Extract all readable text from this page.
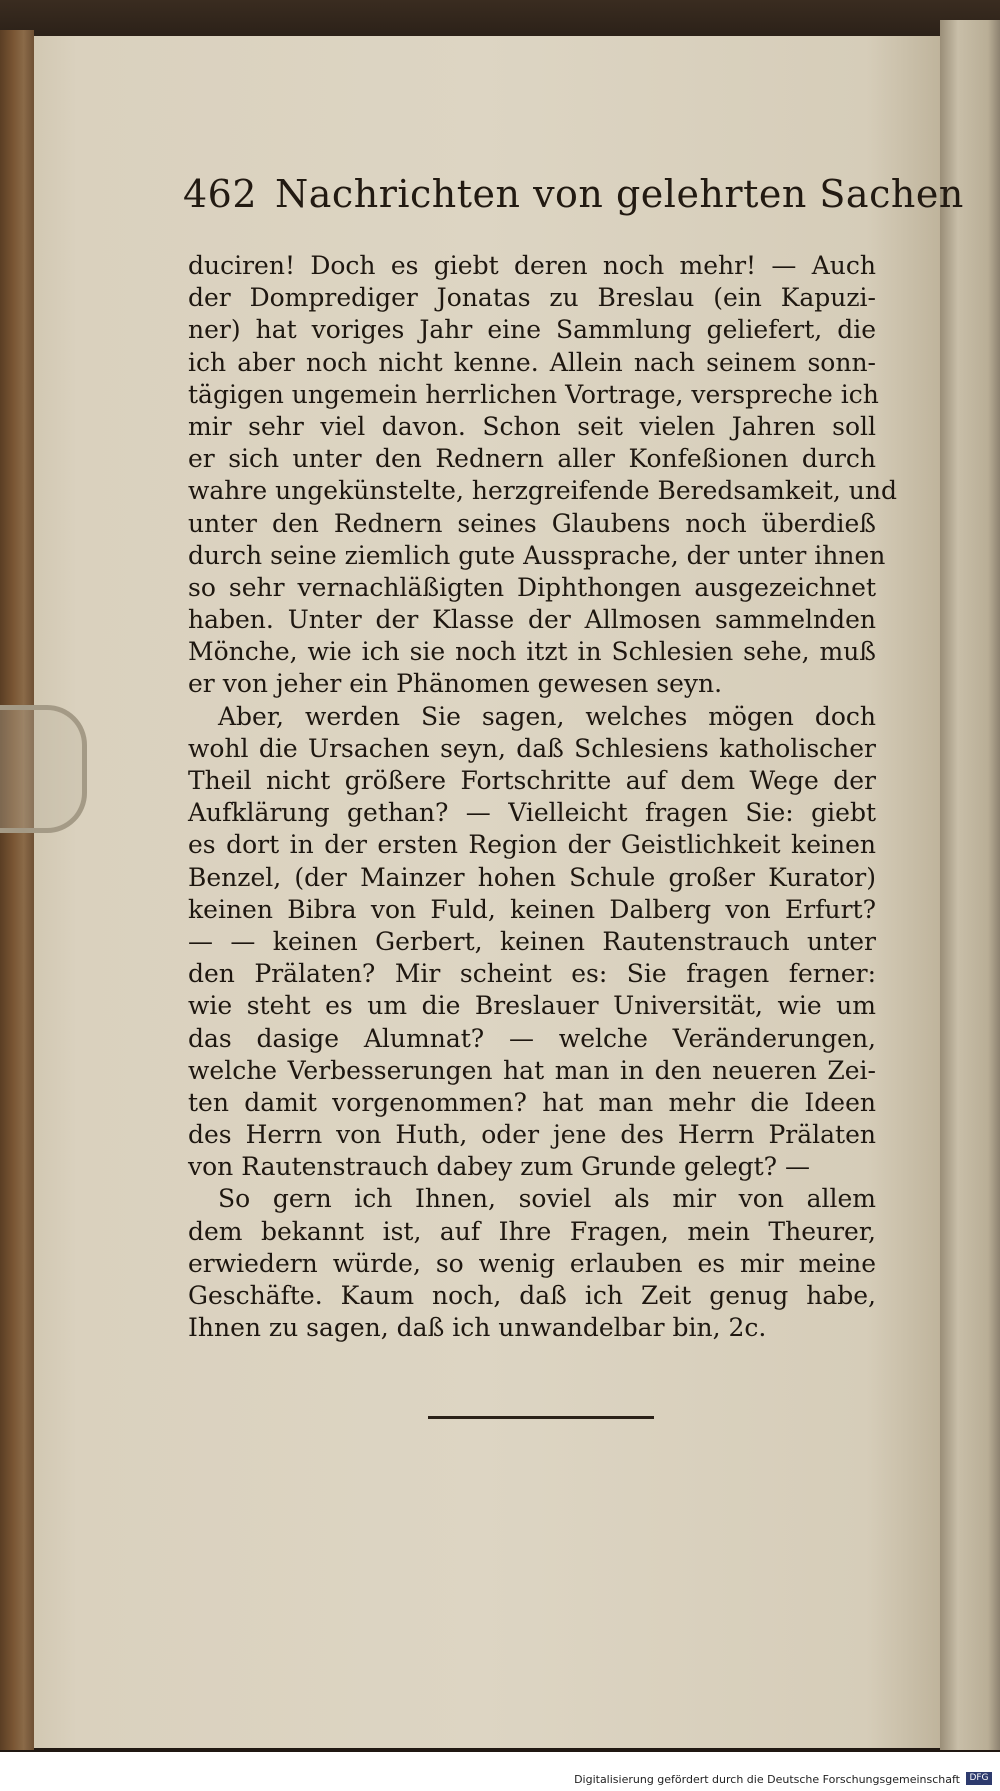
462 Nachrichten von gelehrten Sachen
duciren! Doch es giebt deren noch mehr! — Auch
der Domprediger Jonatas zu Breslau (ein Kapuzi-
ner) hat voriges Jahr eine Sammlung geliefert, die
ich aber noch nicht kenne. Allein nach seinem sonn-
tägigen ungemein herrlichen Vortrage, verspreche ich
mir sehr viel davon. Schon seit vielen Jahren soll
er sich unter den Rednern aller Konfeßionen durch
wahre ungekünstelte, herzgreifende Beredsamkeit, und
unter den Rednern seines Glaubens noch überdieß
durch seine ziemlich gute Aussprache, der unter ihnen
so sehr vernachläßigten Diphthongen ausgezeichnet
haben. Unter der Klasse der Allmosen sammelnden
Mönche, wie ich sie noch itzt in Schlesien sehe, muß
er von jeher ein Phänomen gewesen seyn.
Aber, werden Sie sagen, welches mögen doch
wohl die Ursachen seyn, daß Schlesiens katholischer
Theil nicht größere Fortschritte auf dem Wege der
Aufklärung gethan? — Vielleicht fragen Sie: giebt
es dort in der ersten Region der Geistlichkeit keinen
Benzel, (der Mainzer hohen Schule großer Kurator)
keinen Bibra von Fuld, keinen Dalberg von Erfurt?
— — keinen Gerbert, keinen Rautenstrauch unter
den Prälaten? Mir scheint es: Sie fragen ferner:
wie steht es um die Breslauer Universität, wie um
das dasige Alumnat? — welche Veränderungen,
welche Verbesserungen hat man in den neueren Zei-
ten damit vorgenommen? hat man mehr die Ideen
des Herrn von Huth, oder jene des Herrn Prälaten
von Rautenstrauch dabey zum Grunde gelegt? —
So gern ich Ihnen, soviel als mir von allem
dem bekannt ist, auf Ihre Fragen, mein Theurer,
erwiedern würde, so wenig erlauben es mir meine
Geschäfte. Kaum noch, daß ich Zeit genug habe,
Ihnen zu sagen, daß ich unwandelbar bin, 2c.
Digitalisierung gefördert durch die Deutsche Forschungsgemeinschaft	DFG
